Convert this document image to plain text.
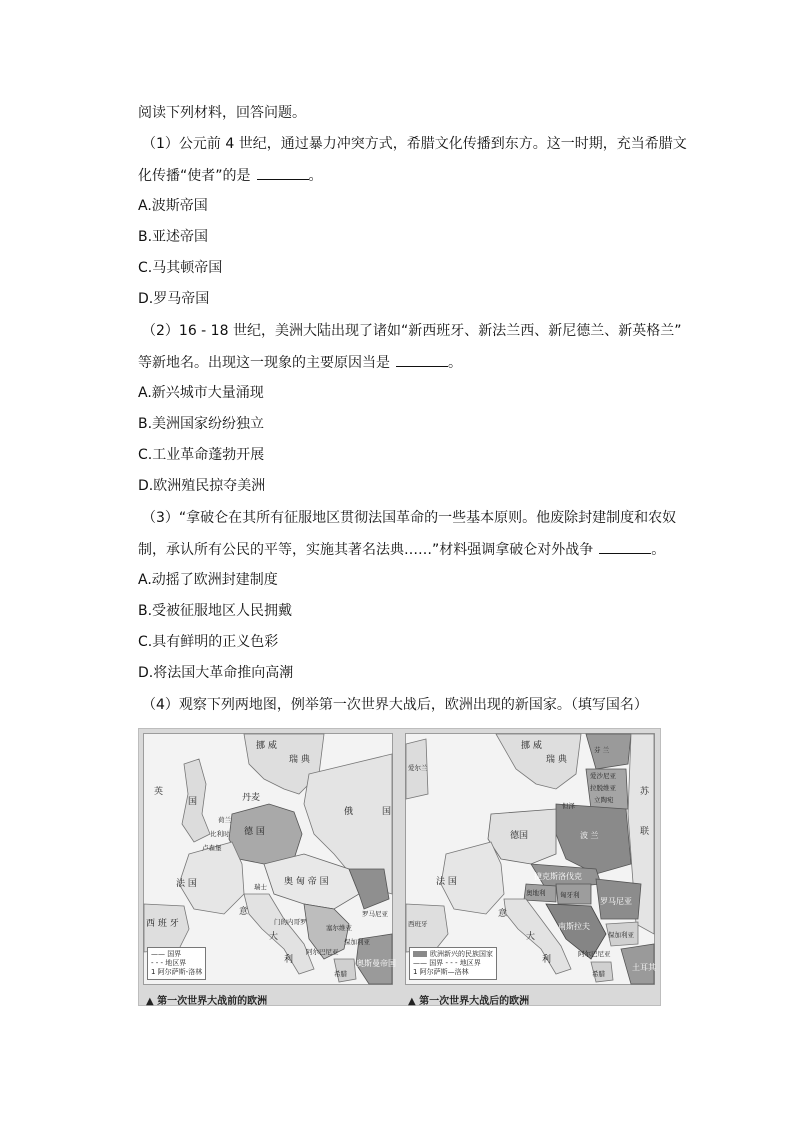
阅读下列材料，回答问题。
（1）公元前 4 世纪，通过暴力冲突方式，希腊文化传播到东方。这一时期，充当希腊文
化传播“使者”的是	。
A.波斯帝国
B.亚述帝国
C.马其顿帝国
D.罗马帝国
（2）16 - 18 世纪，美洲大陆出现了诸如“新西班牙、新法兰西、新尼德兰、新英格兰”
等新地名。出现这一现象的主要原因当是	。
A.新兴城市大量涌现
B.美洲国家纷纷独立
C.工业革命蓬勃开展
D.欧洲殖民掠夺美洲
（3）“拿破仑在其所有征服地区贯彻法国革命的一些基本原则。他废除封建制度和农奴
制，承认所有公民的平等，实施其著名法典……”材料强调拿破仑对外战争	。
A.动摇了欧洲封建制度
B.受被征服地区人民拥戴
C.具有鲜明的正义色彩
D.将法国大革命推向高潮
（4）观察下列两地图，例举第一次世界大战后，欧洲出现的新国家。（填写国名）
挪 威
瑞 典
英
国	丹麦
俄	国
德 国
荷兰
比利时
卢森堡
法 国	瑞士 奥 匈 帝 国
罗马尼亚
西 班 牙
意
大
利
门的内哥罗
塞尔维亚
保加利亚
阿尔巴尼亚
希腊
奥斯曼帝国
—— 国界
- - - 地区界
1 阿尔萨斯-洛林
▲ 第一次世界大战前的欧洲
挪 威
瑞 典
芬 兰
爱沙尼亚
拉脱维亚
立陶宛
苏
联
爱尔兰
但泽
波 兰
德国
捷克斯洛伐克
奥地利 匈牙利
罗马尼亚
南斯拉夫
保加利亚
阿尔巴尼亚
法 国
西班牙
意
大
利
希腊
土耳其
欧洲新兴的民族国家
—— 国界 - - - 地区界
1 阿尔萨斯—洛林
▲ 第一次世界大战后的欧洲
